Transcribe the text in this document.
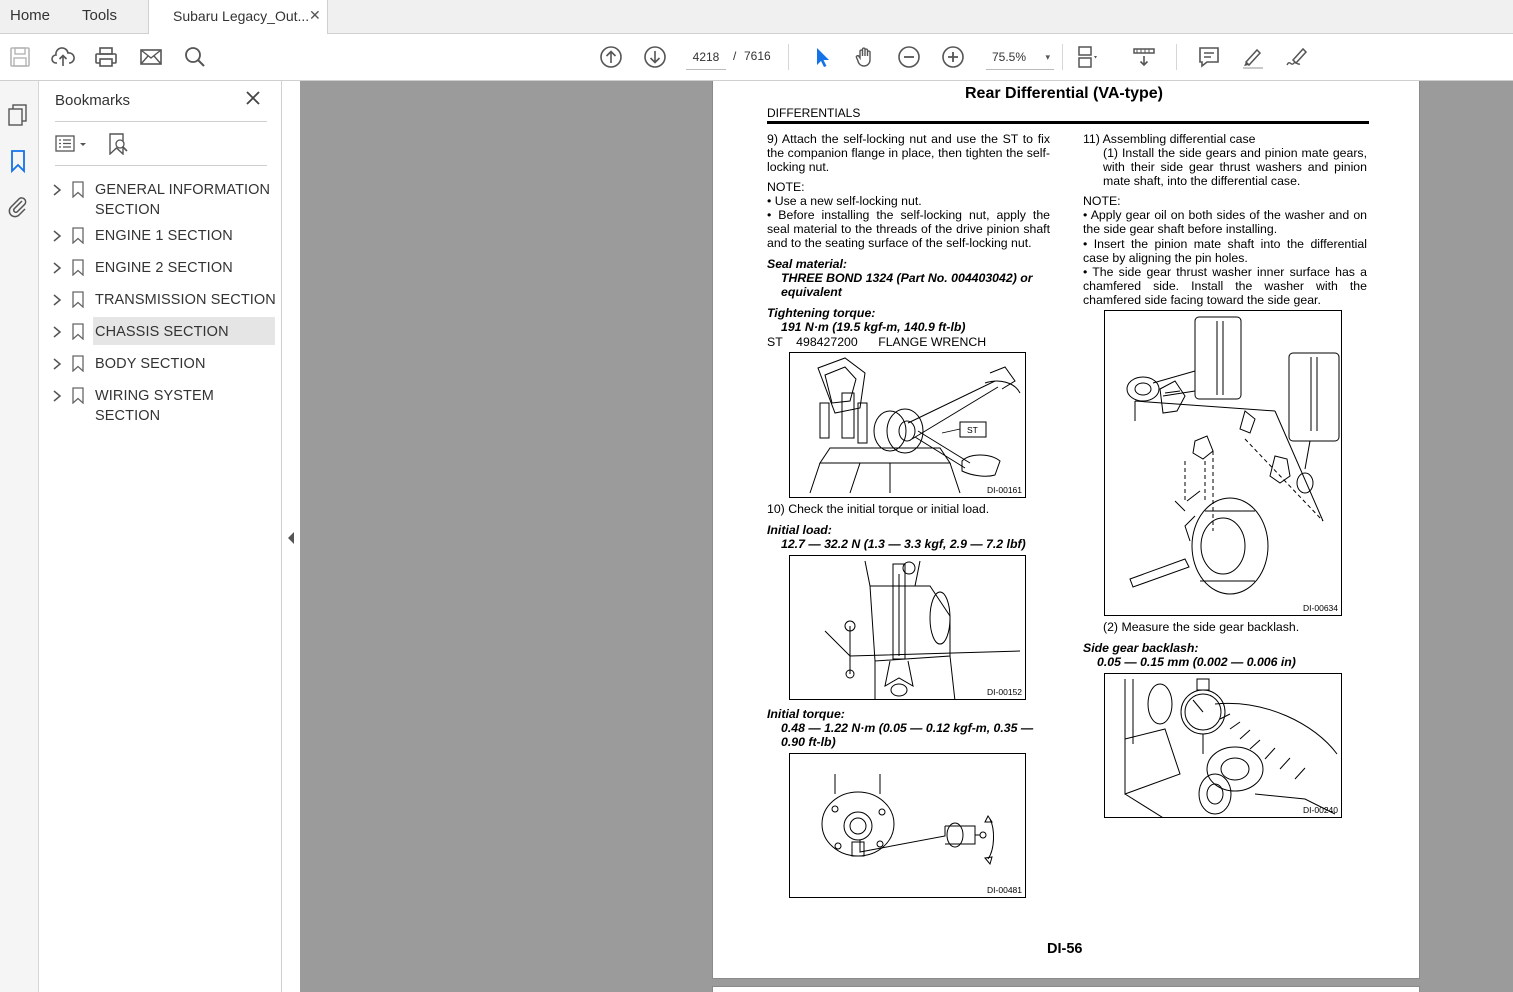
Home Tools	Subaru Legacy_Out... ✕
4218	/ 7616	75.5% ▾
Bookmarks
GENERAL INFORMATION
SECTION
ENGINE 1 SECTION
ENGINE 2 SECTION
TRANSMISSION SECTION
CHASSIS SECTION
BODY SECTION
WIRING SYSTEM SECTION
Rear Differential (VA-type)
DIFFERENTIALS
9) Attach the self-locking nut and use the ST to fix the companion flange in place, then tighten the self-locking nut.
NOTE:
• Use a new self-locking nut.
• Before installing the self-locking nut, apply the seal material to the threads of the drive pinion shaft and to the seating surface of the self-locking nut.
Seal material:
THREE BOND 1324 (Part No. 004403042) or equivalent
Tightening torque:
191 N·m (19.5 kgf-m, 140.9 ft-lb)
ST    498427200      FLANGE WRENCH
ST
DI-00161
10) Check the initial torque or initial load.
Initial load:
12.7 — 32.2 N (1.3 — 3.3 kgf, 2.9 — 7.2 lbf)
DI-00152
Initial torque:
0.48 — 1.22 N·m (0.05 — 0.12 kgf-m, 0.35 — 0.90 ft-lb)
DI-00481
11) Assembling differential case
(1) Install the side gears and pinion mate gears, with their side gear thrust washers and pinion mate shaft, into the differential case.
NOTE:
• Apply gear oil on both sides of the washer and on the side gear shaft before installing.
• Insert the pinion mate shaft into the differential case by aligning the pin holes.
• The side gear thrust washer inner surface has a chamfered side. Install the washer with the chamfered side facing toward the side gear.
DI-00634
(2) Measure the side gear backlash.
Side gear backlash:
0.05 — 0.15 mm (0.002 — 0.006 in)
DI-00240
DI-56
